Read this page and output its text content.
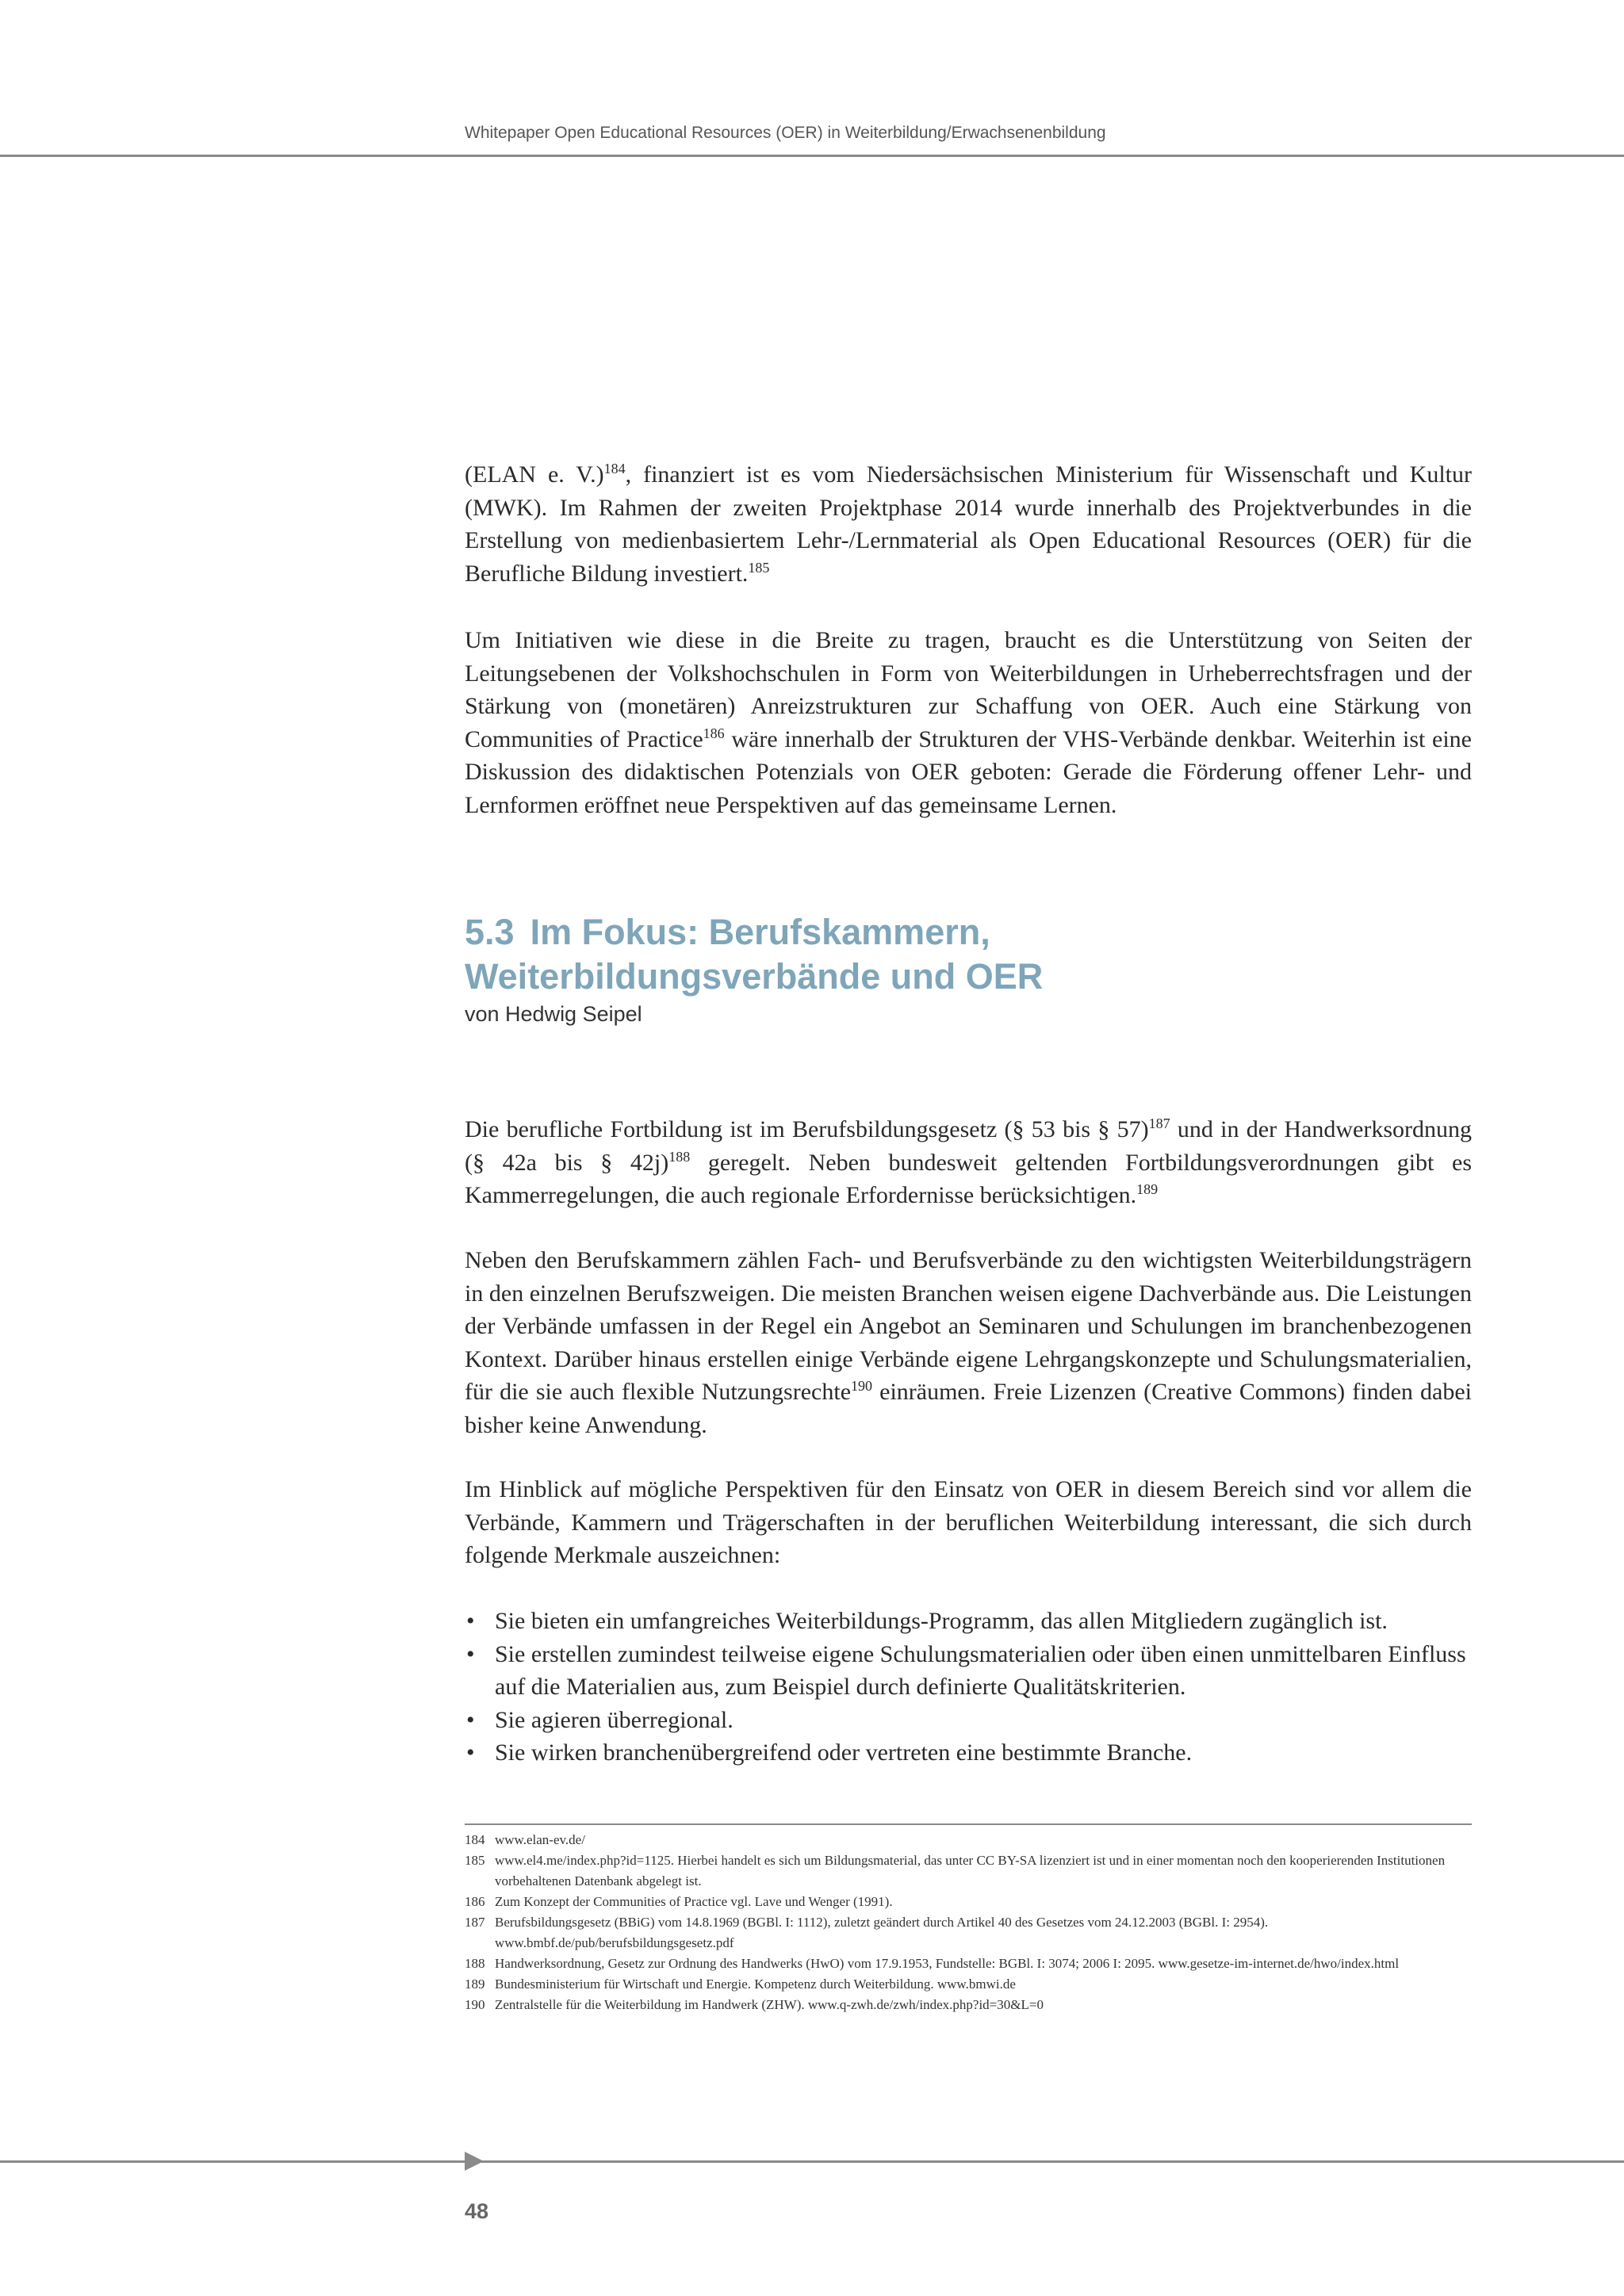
Whitepaper Open Educational Resources (OER) in Weiterbildung/Erwachsenenbildung

(ELAN e. V.)$^{184}$, finanziert ist es vom Niedersächsischen Ministerium für Wissenschaft und Kultur (MWK). Im Rahmen der zweiten Projektphase 2014 wurde innerhalb des Projektverbundes in die Erstellung von medienbasiertem Lehr-/Lernmaterial als Open Educational Resources (OER) für die Berufliche Bildung investiert.$^{185}$

Um Initiativen wie diese in die Breite zu tragen, braucht es die Unterstützung von Seiten der Leitungsebenen der Volkshochschulen in Form von Weiterbildungen in Urheberrechtsfragen und der Stärkung von (monetären) Anreizstrukturen zur Schaffung von OER. Auch eine Stärkung von Communities of Practice$^{186}$ wäre innerhalb der Strukturen der VHS-Verbände denkbar. Weiterhin ist eine Diskussion des didaktischen Potenzials von OER geboten: Gerade die Förderung offener Lehr- und Lernformen eröffnet neue Perspektiven auf das gemeinsame Lernen.

5.3 Im Fokus: Berufskammern,
Weiterbildungsverbände und OER
von Hedwig Seipel

Die berufliche Fortbildung ist im Berufsbildungsgesetz (§ 53 bis § 57)$^{187}$ und in der Handwerksordnung (§ 42a bis § 42j)$^{188}$ geregelt. Neben bundesweit geltenden Fortbildungsverordnungen gibt es Kammerregelungen, die auch regionale Erfordernisse berücksichtigen.$^{189}$

Neben den Berufskammern zählen Fach- und Berufsverbände zu den wichtigsten Weiterbildungsträgern in den einzelnen Berufszweigen. Die meisten Branchen weisen eigene Dachverbände aus. Die Leistungen der Verbände umfassen in der Regel ein Angebot an Seminaren und Schulungen im branchenbezogenen Kontext. Darüber hinaus erstellen einige Verbände eigene Lehrgangskonzepte und Schulungsmaterialien, für die sie auch flexible Nutzungsrechte$^{190}$ einräumen. Freie Lizenzen (Creative Commons) finden dabei bisher keine Anwendung.

Im Hinblick auf mögliche Perspektiven für den Einsatz von OER in diesem Bereich sind vor allem die Verbände, Kammern und Trägerschaften in der beruflichen Weiterbildung interessant, die sich durch folgende Merkmale auszeichnen:

• Sie bieten ein umfangreiches Weiterbildungs-Programm, das allen Mitgliedern zugänglich ist.
• Sie erstellen zumindest teilweise eigene Schulungsmaterialien oder üben einen unmittelbaren Einfluss auf die Materialien aus, zum Beispiel durch definierte Qualitätskriterien.
• Sie agieren überregional.
• Sie wirken branchenübergreifend oder vertreten eine bestimmte Branche.
184 www.elan-ev.de/
185 www.el4.me/index.php?id=1125. Hierbei handelt es sich um Bildungsmaterial, das unter CC BY-SA lizenziert ist und in einer momentan noch den kooperierenden Institutionen vorbehaltenen Datenbank abgelegt ist.
186 Zum Konzept der Communities of Practice vgl. Lave und Wenger (1991).
187 Berufsbildungsgesetz (BBiG) vom 14.8.1969 (BGBl. I: 1112), zuletzt geändert durch Artikel 40 des Gesetzes vom 24.12.2003 (BGBl. I: 2954). www.bmbf.de/pub/berufsbildungsgesetz.pdf
188 Handwerksordnung, Gesetz zur Ordnung des Handwerks (HwO) vom 17.9.1953, Fundstelle: BGBl. I: 3074; 2006 I: 2095. www.gesetze-im-internet.de/hwo/index.html
189 Bundesministerium für Wirtschaft und Energie. Kompetenz durch Weiterbildung. www.bmwi.de
190 Zentralstelle für die Weiterbildung im Handwerk (ZHW). www.q-zwh.de/zwh/index.php?id=30&L=0
48
